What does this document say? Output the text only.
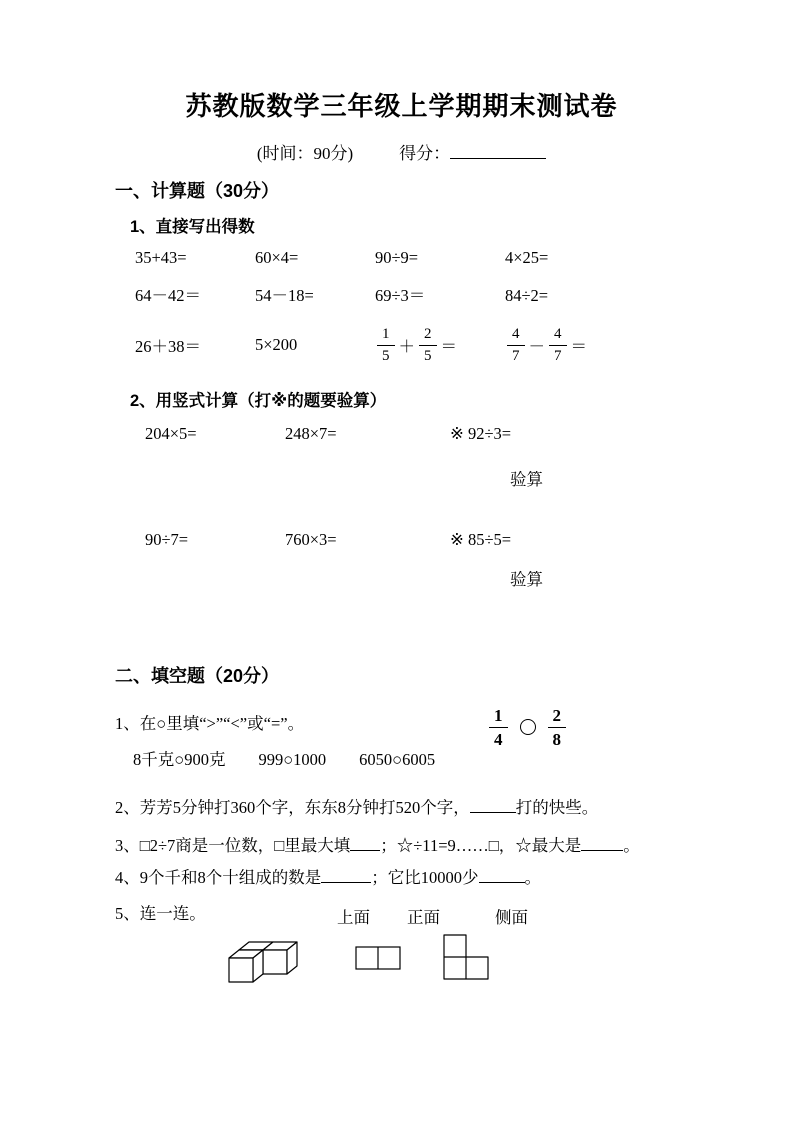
苏教版数学三年级上学期期末测试卷
(时间：90分)	得分：
一、计算题（30分）
1、直接写出得数
35+43=	60×4=	90÷9=	4×25=
64－42＝	54－18=	69÷3＝	84÷2=
26＋38＝	5×200	$\frac{1}{5} + \frac{2}{5}$ ＝	$\frac{4}{7} - \frac{4}{7}$ ＝
2、用竖式计算（打※的题要验算）
204×5=	248×7=	※ 92÷3=
验算
90÷7=	760×3=	※ 85÷5=
验算
二、填空题（20分）
1、在○里填“>”“<”或“=”。	$\frac{1}{4} \frac{2}{8}$
8千克○900克　　999○1000　　6050○6005
2、芳芳5分钟打360个字，东东8分钟打520个字，	打的快些。
3、□2÷7商是一位数，□里最大填 ；☆÷11=9……□，☆最大是	。
4、9个千和8个十组成的数是	；它比10000少	。
5、连一连。	上面 正面	侧面
